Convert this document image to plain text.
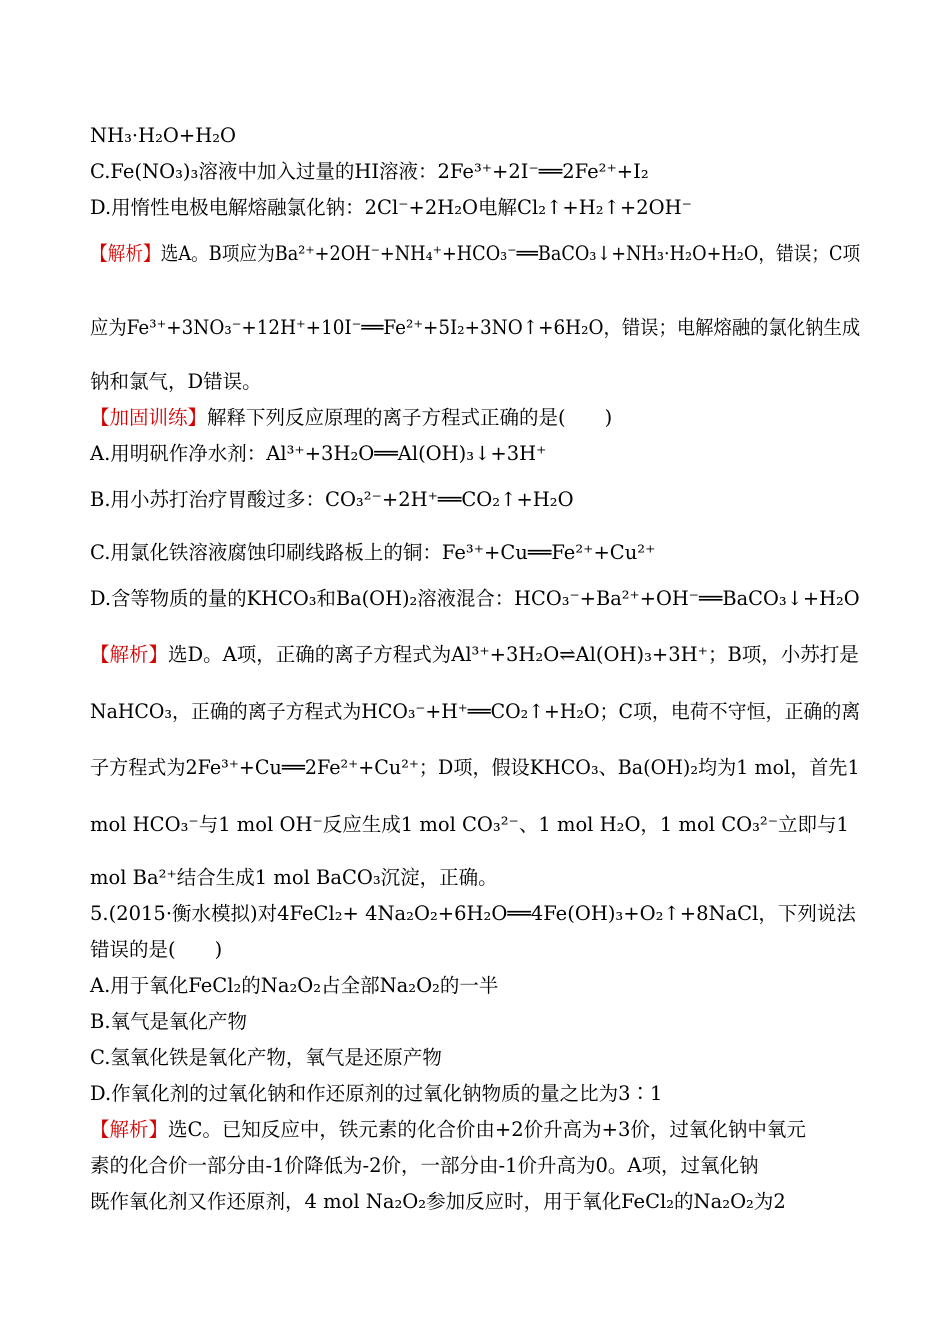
NH₃·H₂O+H₂O
C.Fe(NO₃)₃溶液中加入过量的HI溶液：2Fe³⁺+2I⁻══2Fe²⁺+I₂
D.用惰性电极电解熔融氯化钠：2Cl⁻+2H₂O电解Cl₂↑+H₂↑+2OH⁻
【解析】选A。B项应为Ba²⁺+2OH⁻+NH₄⁺+HCO₃⁻══BaCO₃↓+NH₃·H₂O+H₂O，错误；C项
应为Fe³⁺+3NO₃⁻+12H⁺+10I⁻══Fe²⁺+5I₂+3NO↑+6H₂O，错误；电解熔融的氯化钠生成
钠和氯气，D错误。
【加固训练】解释下列反应原理的离子方程式正确的是(　　)
A.用明矾作净水剂：Al³⁺+3H₂O══Al(OH)₃↓+3H⁺
B.用小苏打治疗胃酸过多：CO₃²⁻+2H⁺══CO₂↑+H₂O
C.用氯化铁溶液腐蚀印刷线路板上的铜：Fe³⁺+Cu══Fe²⁺+Cu²⁺
D.含等物质的量的KHCO₃和Ba(OH)₂溶液混合：HCO₃⁻+Ba²⁺+OH⁻══BaCO₃↓+H₂O
【解析】选D。A项，正确的离子方程式为Al³⁺+3H₂O⇌Al(OH)₃+3H⁺；B项，小苏打是
NaHCO₃，正确的离子方程式为HCO₃⁻+H⁺══CO₂↑+H₂O；C项，电荷不守恒，正确的离
子方程式为2Fe³⁺+Cu══2Fe²⁺+Cu²⁺；D项，假设KHCO₃、Ba(OH)₂均为1 mol，首先1
mol HCO₃⁻与1 mol OH⁻反应生成1 mol CO₃²⁻、1 mol H₂O，1 mol CO₃²⁻立即与1
mol Ba²⁺结合生成1 mol BaCO₃沉淀，正确。
5.(2015·衡水模拟)对4FeCl₂+ 4Na₂O₂+6H₂O══4Fe(OH)₃+O₂↑+8NaCl，下列说法
错误的是(　　)
A.用于氧化FeCl₂的Na₂O₂占全部Na₂O₂的一半
B.氧气是氧化产物
C.氢氧化铁是氧化产物，氧气是还原产物
D.作氧化剂的过氧化钠和作还原剂的过氧化钠物质的量之比为3∶1
【解析】选C。已知反应中，铁元素的化合价由+2价升高为+3价，过氧化钠中氧元
素的化合价一部分由-1价降低为-2价，一部分由-1价升高为0。A项，过氧化钠
既作氧化剂又作还原剂，4 mol Na₂O₂参加反应时，用于氧化FeCl₂的Na₂O₂为2
